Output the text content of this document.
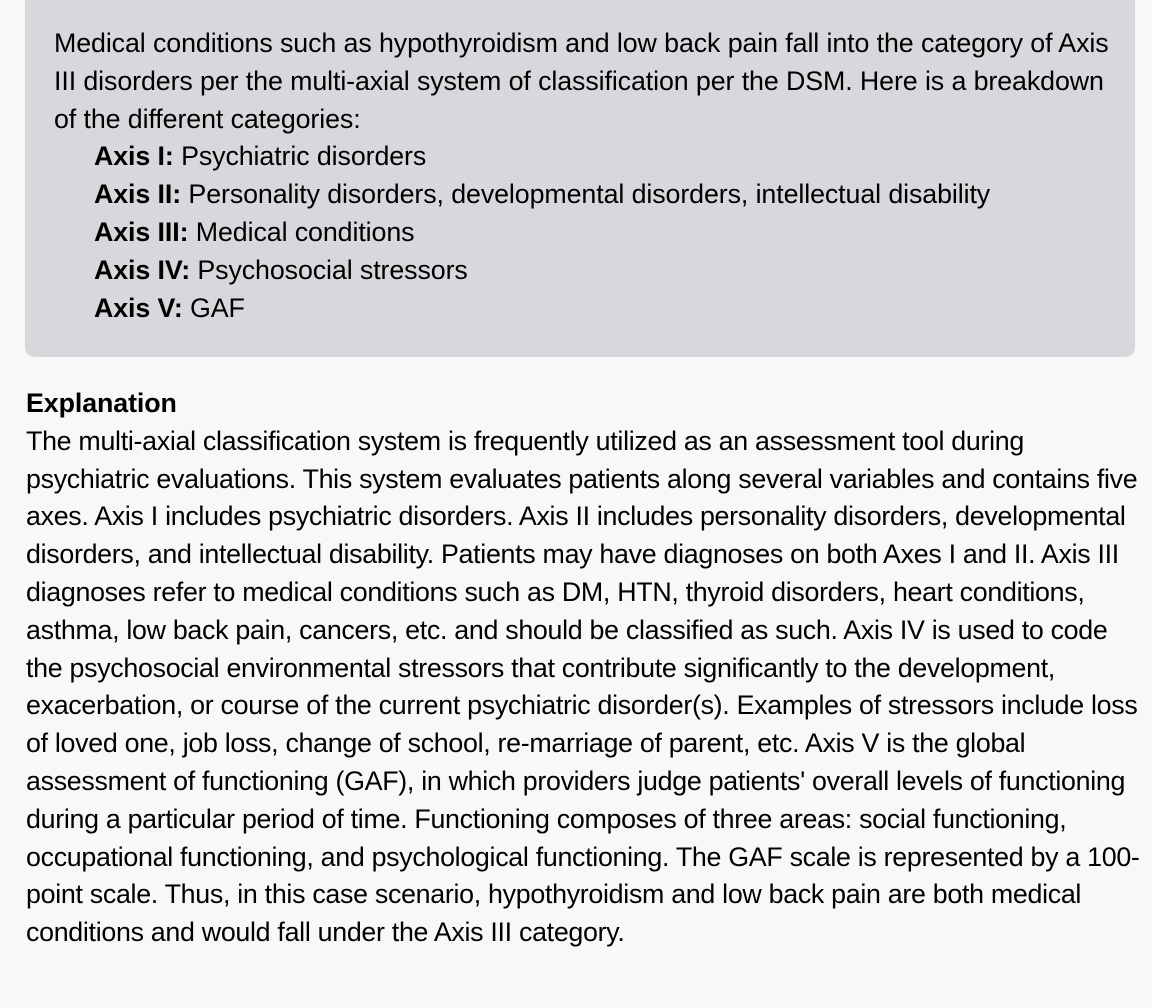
Medical conditions such as hypothyroidism and low back pain fall into the category of Axis III disorders per the multi-axial system of classification per the DSM. Here is a breakdown of the different categories:

Axis I: Psychiatric disorders
Axis II: Personality disorders, developmental disorders, intellectual disability
Axis III: Medical conditions
Axis IV: Psychosocial stressors
Axis V: GAF

Explanation

The multi-axial classification system is frequently utilized as an assessment tool during psychiatric evaluations. This system evaluates patients along several variables and contains five axes. Axis I includes psychiatric disorders. Axis II includes personality disorders, developmental disorders, and intellectual disability. Patients may have diagnoses on both Axes I and II. Axis III diagnoses refer to medical conditions such as DM, HTN, thyroid disorders, heart conditions, asthma, low back pain, cancers, etc. and should be classified as such. Axis IV is used to code the psychosocial environmental stressors that contribute significantly to the development, exacerbation, or course of the current psychiatric disorder(s). Examples of stressors include loss of loved one, job loss, change of school, re-marriage of parent, etc. Axis V is the global assessment of functioning (GAF), in which providers judge patients' overall levels of functioning during a particular period of time. Functioning composes of three areas: social functioning, occupational functioning, and psychological functioning. The GAF scale is represented by a 100-point scale. Thus, in this case scenario, hypothyroidism and low back pain are both medical conditions and would fall under the Axis III category.
